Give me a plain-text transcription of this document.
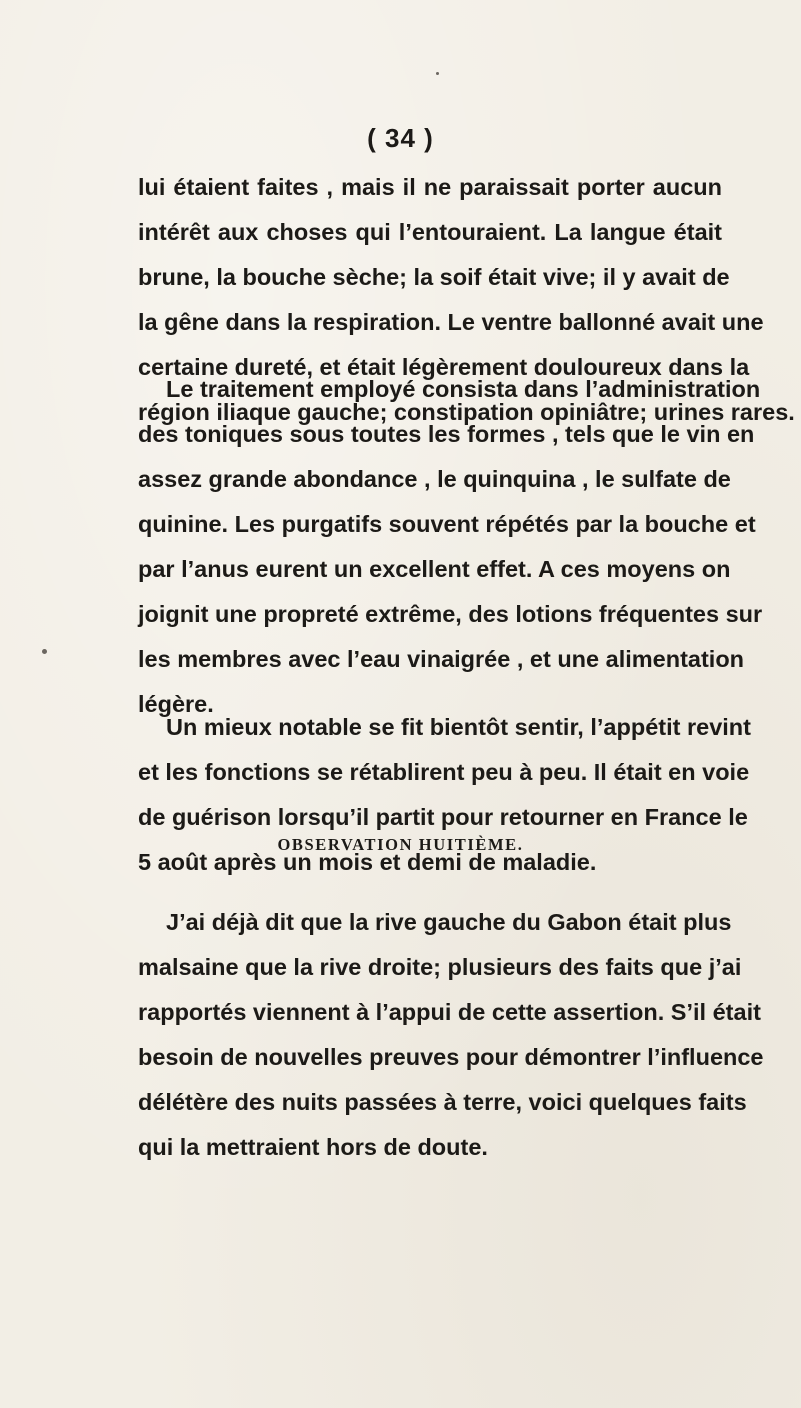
( 34 )
lui étaient faites , mais il ne paraissait porter aucun
intérêt aux choses qui l’entouraient. La langue était
brune, la bouche sèche; la soif était vive; il y avait de
la gêne dans la respiration. Le ventre ballonné avait une
certaine dureté, et était légèrement douloureux dans la
région iliaque gauche; constipation opiniâtre; urines rares.
Le traitement employé consista dans l’administration
des toniques sous toutes les formes , tels que le vin en
assez grande abondance , le quinquina , le sulfate de
quinine. Les purgatifs souvent répétés par la bouche et
par l’anus eurent un excellent effet. A ces moyens on
joignit une propreté extrême, des lotions fréquentes sur
les membres avec l’eau vinaigrée , et une alimentation
légère.
Un mieux notable se fit bientôt sentir, l’appétit revint
et les fonctions se rétablirent peu à peu. Il était en voie
de guérison lorsqu’il partit pour retourner en France le
5 août après un mois et demi de maladie.
OBSERVATION HUITIÈME.
J’ai déjà dit que la rive gauche du Gabon était plus
malsaine que la rive droite; plusieurs des faits que j’ai
rapportés viennent à l’appui de cette assertion. S’il était
besoin de nouvelles preuves pour démontrer l’influence
délétère des nuits passées à terre, voici quelques faits
qui la mettraient hors de doute.
